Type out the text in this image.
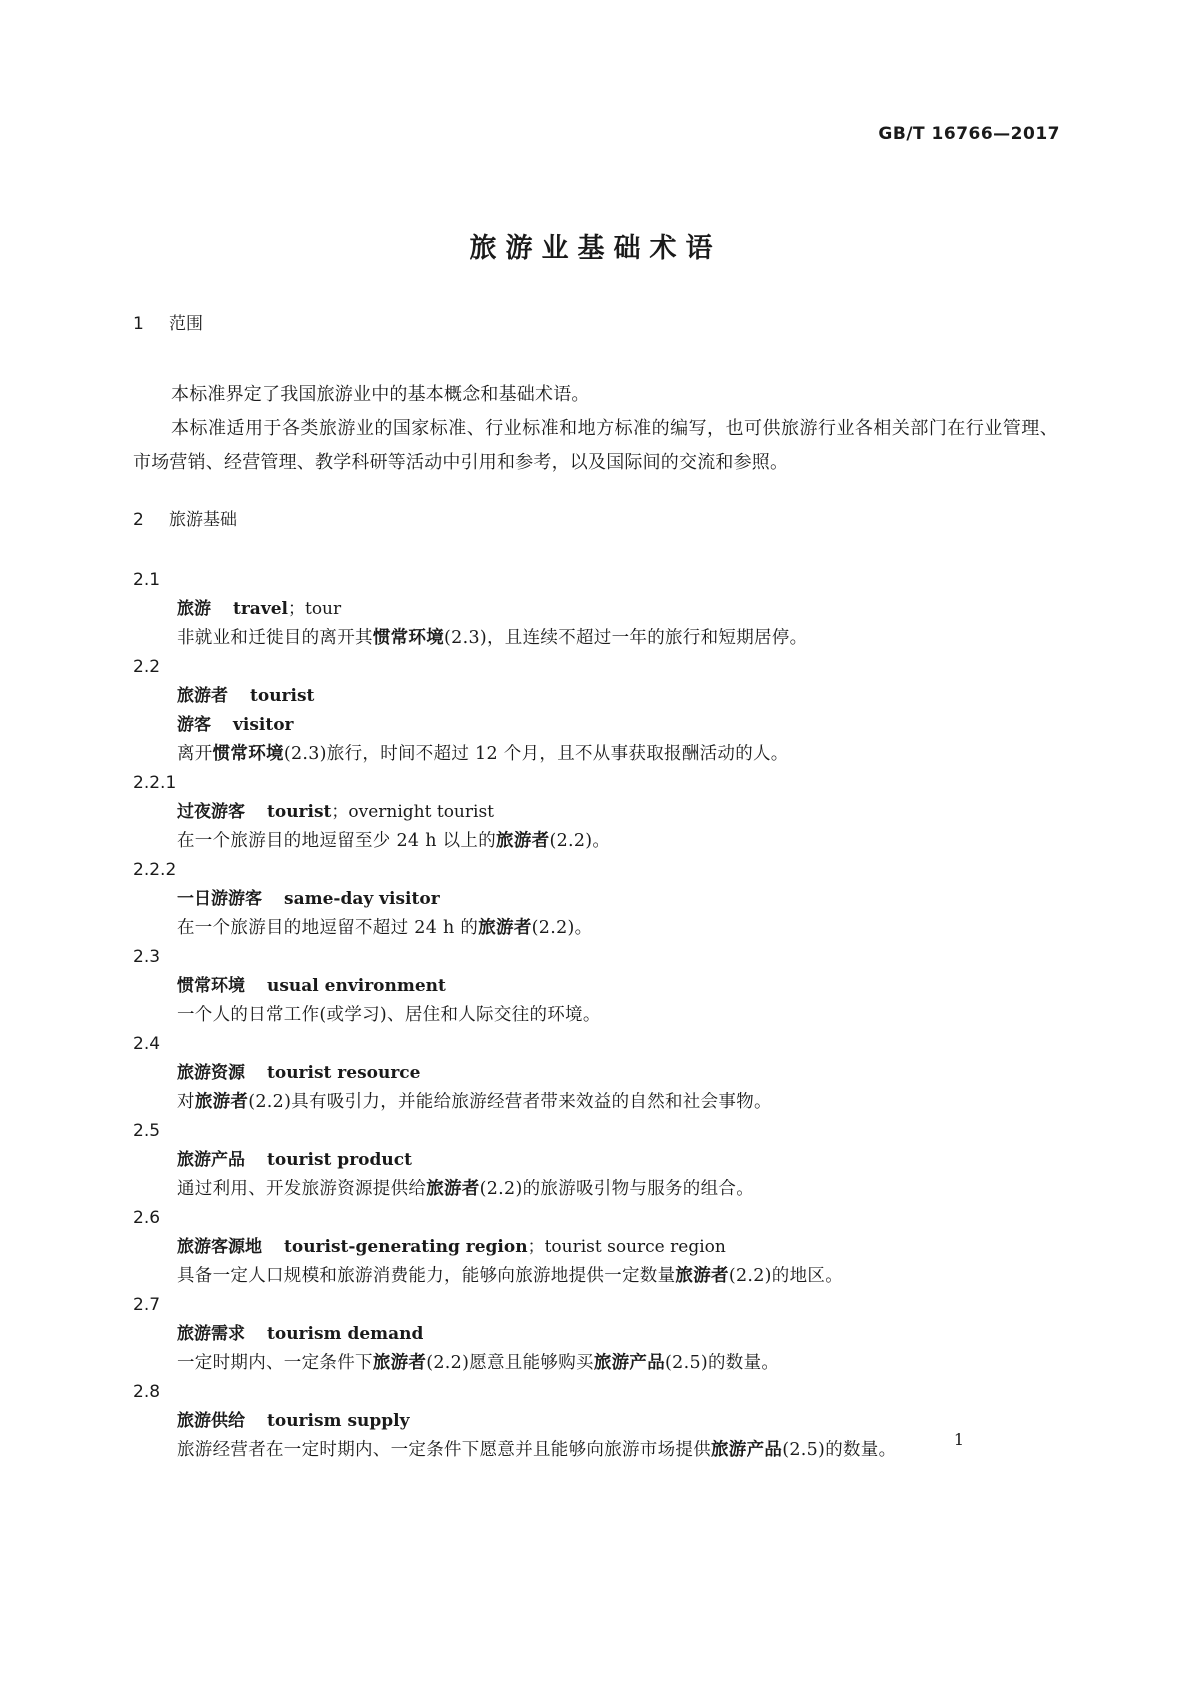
GB/T 16766—2017
旅游业基础术语
1 范围

本标准界定了我国旅游业中的基本概念和基础术语。

本标准适用于各类旅游业的国家标准、行业标准和地方标准的编写，也可供旅游行业各相关部门在行业管理、市场营销、经营管理、教学科研等活动中引用和参考，以及国际间的交流和参照。

2 旅游基础
2.1
旅游 travel；tour
非就业和迁徙目的离开其惯常环境(2.3)，且连续不超过一年的旅行和短期居停。
2.2
旅游者 tourist
游客 visitor
离开惯常环境(2.3)旅行，时间不超过 12 个月，且不从事获取报酬活动的人。
2.2.1
过夜游客 tourist；overnight tourist
在一个旅游目的地逗留至少 24 h 以上的旅游者(2.2)。
2.2.2
一日游游客 same-day visitor
在一个旅游目的地逗留不超过 24 h 的旅游者(2.2)。
2.3
惯常环境 usual environment
一个人的日常工作(或学习)、居住和人际交往的环境。
2.4
旅游资源 tourist resource
对旅游者(2.2)具有吸引力，并能给旅游经营者带来效益的自然和社会事物。
2.5
旅游产品 tourist product
通过利用、开发旅游资源提供给旅游者(2.2)的旅游吸引物与服务的组合。
2.6
旅游客源地 tourist-generating region；tourist source region
具备一定人口规模和旅游消费能力，能够向旅游地提供一定数量旅游者(2.2)的地区。
2.7
旅游需求 tourism demand
一定时期内、一定条件下旅游者(2.2)愿意且能够购买旅游产品(2.5)的数量。
2.8
旅游供给 tourism supply
旅游经营者在一定时期内、一定条件下愿意并且能够向旅游市场提供旅游产品(2.5)的数量。
1
